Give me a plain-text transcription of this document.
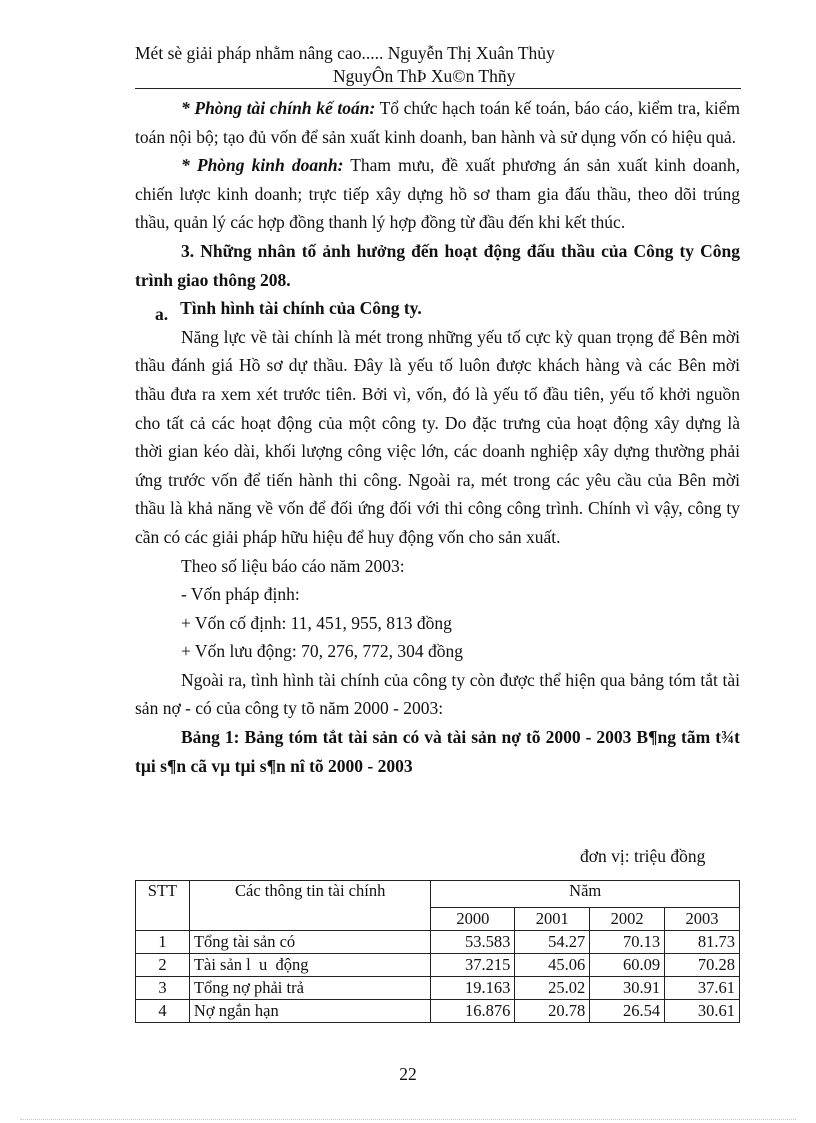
Mét sè giải pháp nhằm nâng cao..... Nguyễn Thị Xuân Thủy
NguyÔn ThÞ Xu©n Thñy

* Phòng tài chính kế toán: Tổ chức hạch toán kế toán, báo cáo, kiểm tra, kiểm toán nội bộ; tạo đủ vốn để sản xuất kinh doanh, ban hành và sử dụng vốn có hiệu quả.

* Phòng kinh doanh: Tham mưu, đề xuất phương án sản xuất kinh doanh, chiến lược kinh doanh; trực tiếp xây dựng hồ sơ tham gia đấu thầu, theo dõi trúng thầu, quản lý các hợp đồng thanh lý hợp đồng từ đầu đến khi kết thúc.

3. Những nhân tố ảnh hưởng đến hoạt động đấu thầu của Công ty Công trình giao thông 208.

a. Tình hình tài chính của Công ty.

Năng lực về tài chính là mét trong những yếu tố cực kỳ quan trọng để Bên mời thầu đánh giá Hồ sơ dự thầu. Đây là yếu tố luôn được khách hàng và các Bên mời thầu đưa ra xem xét trước tiên. Bởi vì, vốn, đó là yếu tố đầu tiên, yếu tố khởi nguồn cho tất cả các hoạt động của một công ty. Do đặc trưng của hoạt động xây dựng là thời gian kéo dài, khối lượng công việc lớn, các doanh nghiệp xây dựng thường phải ứng trước vốn để tiến hành thi công. Ngoài ra, mét trong các yêu cầu của Bên mời thầu là khả năng về vốn để đối ứng đối với thi công công trình. Chính vì vậy, công ty cần có các giải pháp hữu hiệu để huy động vốn cho sản xuất.

Theo số liệu báo cáo năm 2003:

- Vốn pháp định:

+ Vốn cố định: 11, 451, 955, 813 đồng

+ Vốn lưu động: 70, 276, 772, 304 đồng

Ngoài ra, tình hình tài chính của công ty còn được thể hiện qua bảng tóm tắt tài sản nợ - có của công ty tõ năm 2000 - 2003:

Bảng 1: Bảng tóm tắt tài sản có và tài sản nợ tõ 2000 - 2003 B¶ng tãm t¾t tµi s¶n cã vµ tµi s¶n nî tõ 2000 - 2003

đơn vị: triệu đồng
STT	Các thông tin tài chính	Năm			
		2000	2001	2002	2003
1	Tổng tài sản có	53.583	54.27	70.13	81.73
2	Tài sản l  u  động	37.215	45.06	60.09	70.28
3	Tổng nợ phải trả	19.163	25.02	30.91	37.61
4	Nợ ngắn hạn	16.876	20.78	26.54	30.61
22
